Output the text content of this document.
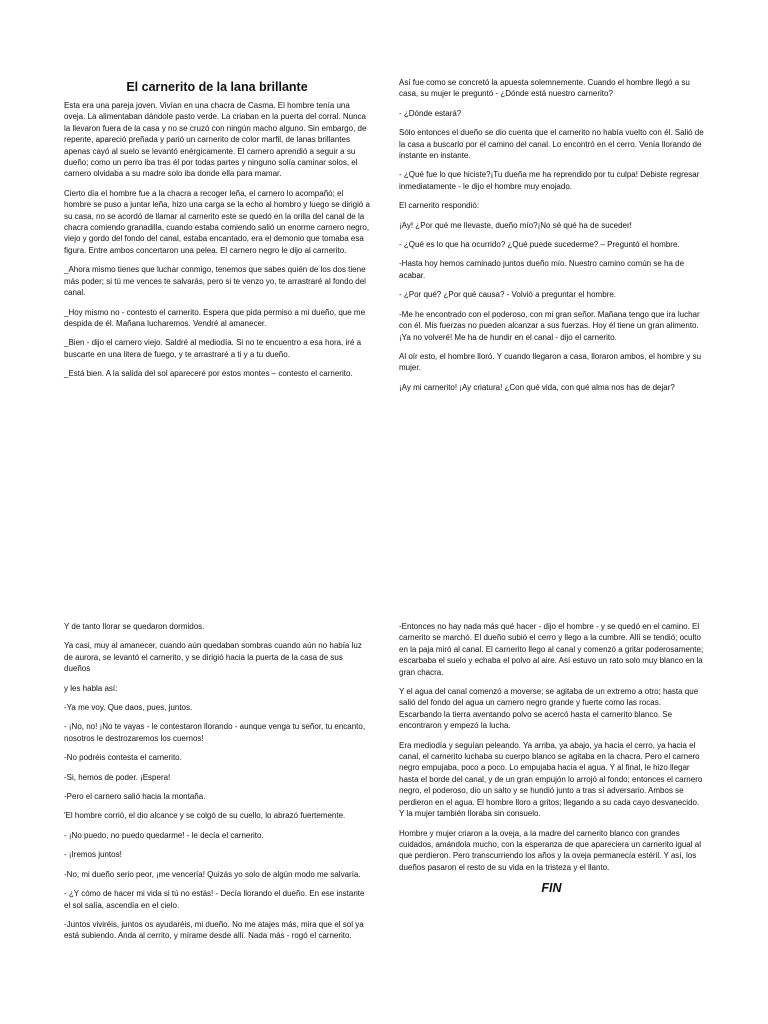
El carnerito de la lana brillante

Esta era una pareja joven. Vivían en una chacra de Casma. El hombre tenía una oveja. La alimentaban dándole pasto verde. La criaban en la puerta del corral. Nunca la llevaron fuera de la casa y no se cruzó con ningún macho alguno. Sin embargo, de repente, apareció preñada y parió un carnerito de color marfil, de lanas brillantes apenas cayó al suelo se levantó enérgicamente. El carnero aprendió a seguir a su dueño; como un perro iba tras él por todas partes y ninguno solía caminar solos, el carnero olvidaba a su madre solo iba donde ella para mamar.

Cierto día el hombre fue a la chacra a recoger leña, el carnero lo acompañó; el hombre se puso a juntar leña, hizo una carga se la echo al hombro y luego se dirigió a su casa, no se acordó de llamar al carnerito este se quedó en la orilla del canal de la chacra comiendo granadilla, cuando estaba comiendo salió un enorme carnero negro, viejo y gordo del fondo del canal, estaba encantado, era el demonio que tomaba esa figura. Entre ambos concertaron una pelea. El carnero negro le dijo al carnerito.

_Ahora mismo tienes que luchar conmigo, tenemos que sabes quién de los dos tiene más poder; si tú me vences te salvarás, pero si te venzo yo, te arrastraré al fondo del canal.

_Hoy mismo no - contesto el carnerito. Espera que pida permiso a mi dueño, que me despida de él. Mañana lucharemos. Vendré al amanecer.

_Bien - dijo el carnero viejo. Saldré al mediodía. Si no te encuentro a esa hora, iré a buscarte en una litera de fuego, y te arrastraré a ti y a tu dueño.

_Está bien. A la salida del sol apareceré por estos montes – contesto el carnerito.

Así fue como se concretó la apuesta solemnemente. Cuando el hombre llegó a su casa, su mujer le preguntó - ¿Dónde está nuestro carnerito?

- ¿Dónde estará?

Sólo entonces el dueño se dio cuenta que el carnerito no había vuelto con él. Salió de la casa a buscarlo por el camino del canal. Lo encontró en el cerro. Venía llorando de instante en instante.

- ¿Qué fue lo que hiciste?¡Tu dueña me ha reprendido por tu culpa! Debiste regresar inmediatamente - le dijo el hombre muy enojado.

El carnerito respondió:

¡Ay! ¿Por qué me llevaste, dueño mío?¡No sé qué ha de suceder!

- ¿Qué es lo que ha ocurrido? ¿Qué puede sucederme? – Preguntó el hombre.

-Hasta hoy hemos caminado juntos dueño mío. Nuestro camino común se ha de acabar.

- ¿Por qué? ¿Por qué causa? - Volvió a preguntar el hombre.

-Me he encontrado con el poderoso, con mi gran señor. Mañana tengo que ira luchar con él. Mis fuerzas no pueden alcanzar a sus fuerzas. Hoy él tiene un gran alimento. ¡Ya no volveré! Me ha de hundir en el canal - dijo el carnerito.

Al oír esto, el hombre lloró. Y cuando llegaron a casa, lloraron ambos, el hombre y su mujer.

¡Ay mi carnerito! ¡Ay criatura! ¿Con qué vida, con qué alma nos has de dejar?

Y de tanto llorar se quedaron dormidos.

Ya casi, muy al amanecer, cuando aún quedaban sombras cuando aún no había luz de aurora, se levantó el carnerito, y se dirigió hacia la puerta de la casa de sus dueños

y les habla así:

-Ya me voy. Que daos, pues, juntos.

- ¡No, no! ¡No te vayas - le contestaron llorando - aunque venga tu señor, tu encanto, nosotros le destrozaremos los cuernos!

-No podréis contesta el carnerito.

-Si, hemos de poder. ¡Espera!

-Pero el carnero salió hacia la montaña.

'El hombre corrió, el dio alcance y se colgó de su cuello, lo abrazó fuertemente.

- ¡No puedo, no puedo quedarme! - le decía el carnerito.

- ¡Iremos juntos!

-No, mi dueño serio peor, ¡me vencería! Quizás yo solo de algún modo me salvaría.

- ¿Y cómo de hacer mi vida si tú no estás! - Decía llorando el dueño. En ese instante el sol salía, ascendía en el cielo.

-Juntos viviréis, juntos os ayudaréis, mi dueño. No me atajes más, mira que el sol ya está subiendo. Anda al cerrito, y mírame desde allí. Nada más - rogó el carnerito.

-Entonces no hay nada más qué hacer - dijo el hombre - y se quedó en el camino. El carnerito se marchó. El dueño subió el cerro y llego a la cumbre. Allí se tendió; oculto en la paja miró al canal. El carnerito llego al canal y comenzó a gritar poderosamente; escarbaba el suelo y echaba el polvo al aire. Así estuvo un rato solo muy blanco en la gran chacra.

Y el agua del canal comenzó a moverse; se agitaba de un extremo a otro; hasta que salió del fondo del agua un carnero negro grande y fuerte como las rocas. Escarbando la tierra aventando polvo se acercó hasta el carnerito blanco. Se encontraron y empezó la lucha.

Era mediodía y seguían peleando. Ya arriba, ya abajo, ya hacia el cerro, ya hacia el canal, el carnerito luchaba su cuerpo blanco se agitaba en la chacra. Pero el carnero negro empujaba, poco a poco. Lo empujaba hacia el agua. Y al final, le hizo llegar hasta el borde del canal, y de un gran empujón lo arrojó al fondo; entonces el carnero negro, el poderoso, dio un salto y se hundió junto a tras sí adversario. Ambos se perdieron en el agua. El hombre lloro a gritos; llegando a su cada cayo desvanecido. Y la mujer también lloraba sin consuelo.

Hombre y mujer criaron a la oveja, a la madre del carnerito blanco con grandes cuidados, amándola mucho, con la esperanza de que apareciera un carnerito igual al que perdieron. Pero transcurriendo los años y la oveja permanecía estéril. Y así, los dueños pasaron el resto de su vida en la tristeza y el llanto.

FIN
